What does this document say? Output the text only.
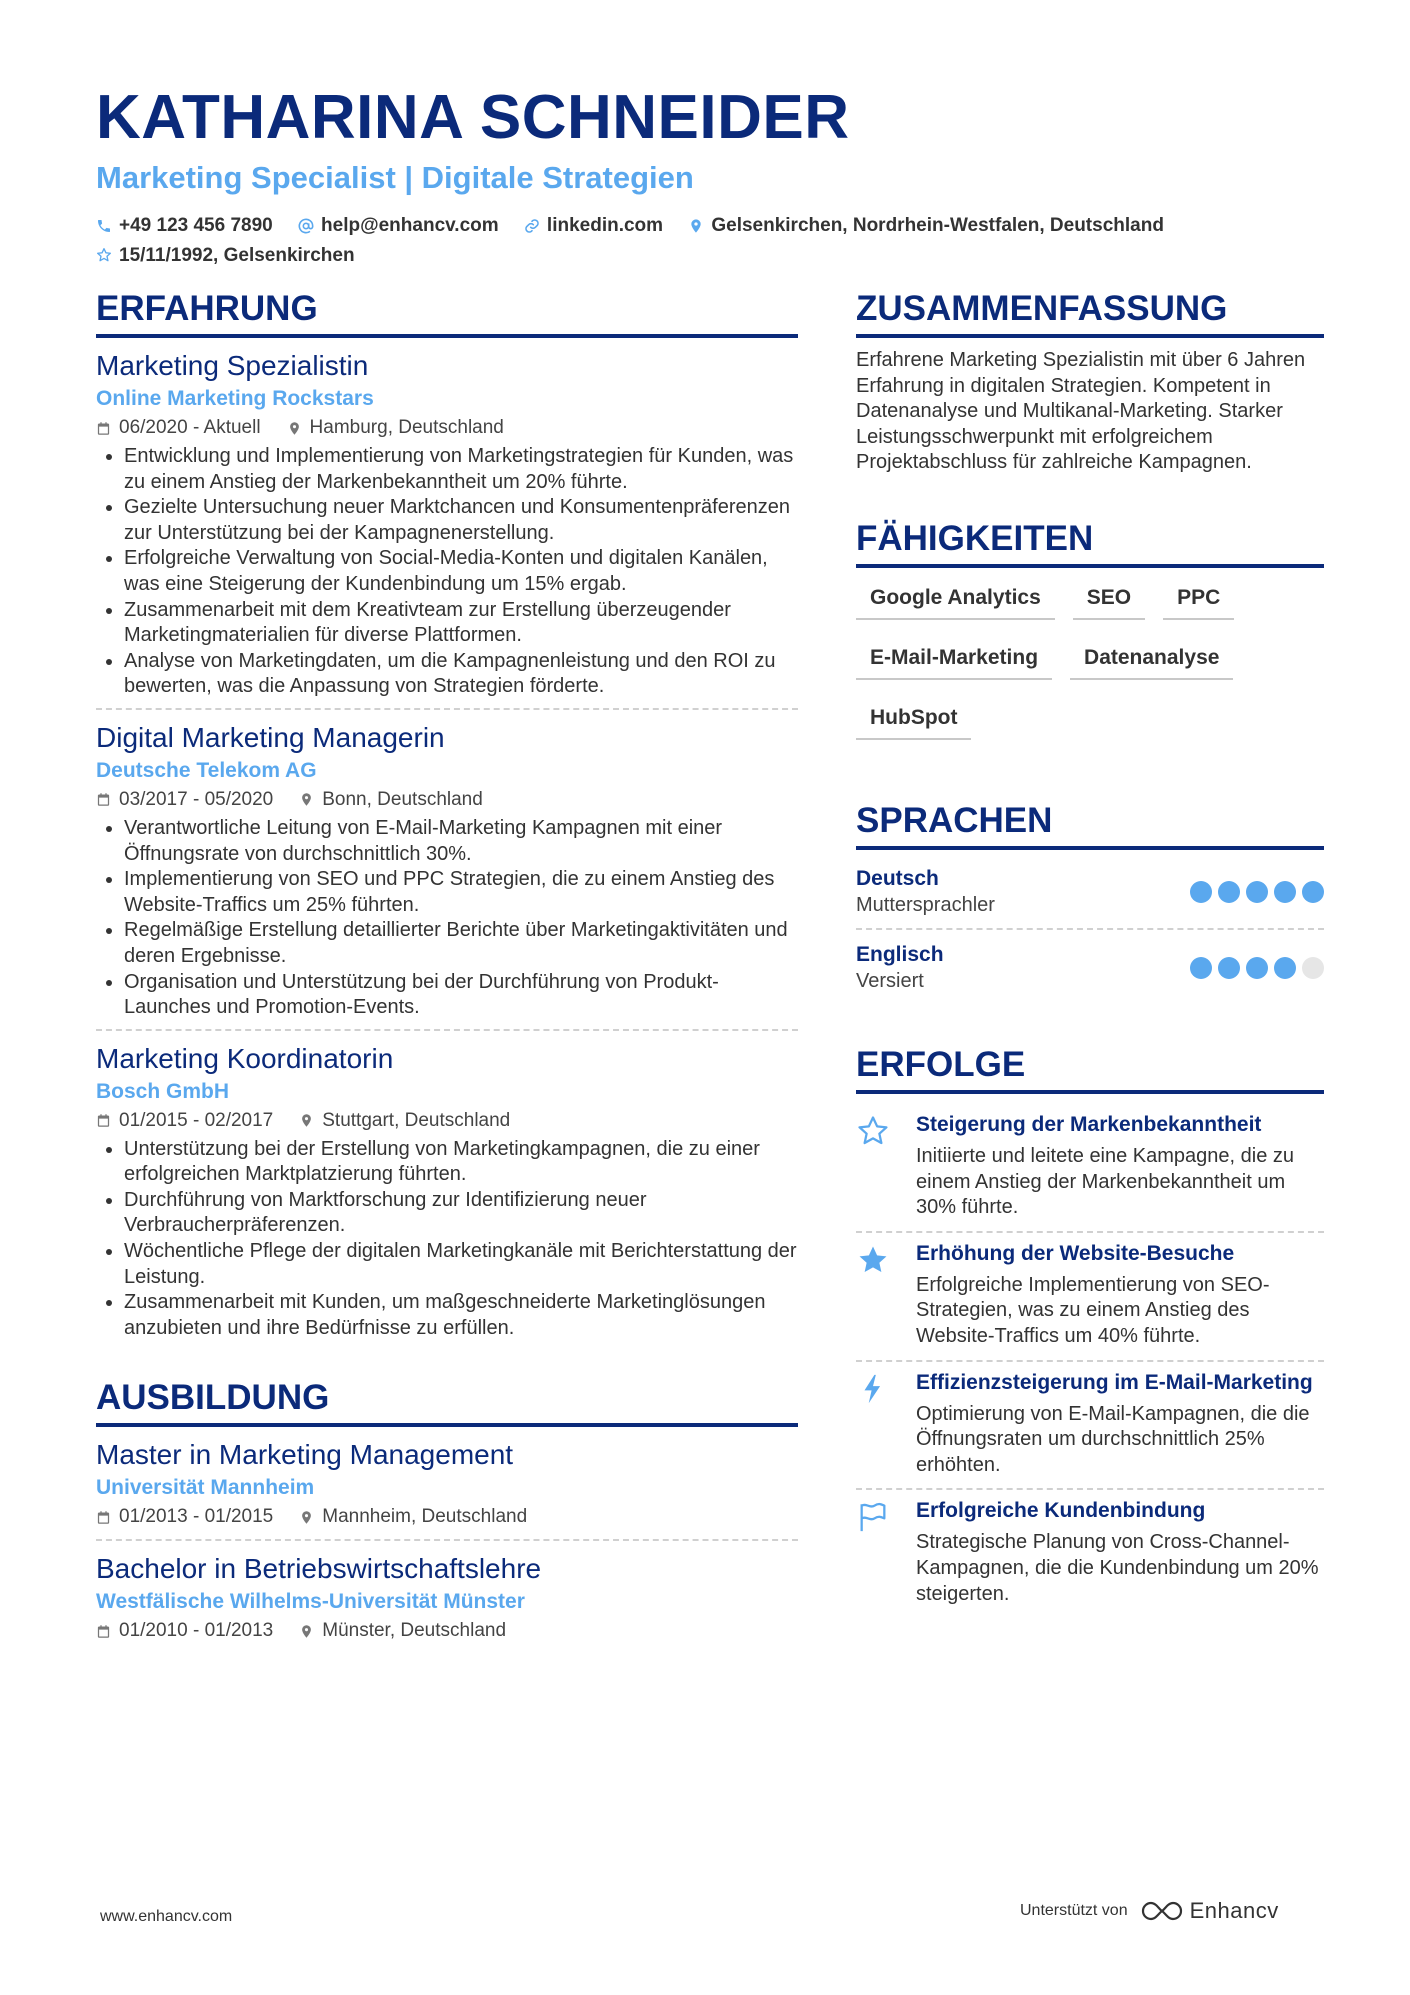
KATHARINA SCHNEIDER
Marketing Specialist | Digitale Strategien
+49 123 456 7890
	help@enhancv.com
	linkedin.com
	Gelsenkirchen, Nordrhein-Westfalen, Deutschland

15/11/1992, Gelsenkirchen
ERFAHRUNG
Marketing Spezialistin
Online Marketing Rockstars
06/2020 - Aktuell	Hamburg, Deutschland
• Entwicklung und Implementierung von Marketingstrategien für Kunden, was zu einem Anstieg der Markenbekanntheit um 20% führte.
• Gezielte Untersuchung neuer Marktchancen und Konsumentenpräferenzen zur Unterstützung bei der Kampagnenerstellung.
• Erfolgreiche Verwaltung von Social-Media-Konten und digitalen Kanälen, was eine Steigerung der Kundenbindung um 15% ergab.
• Zusammenarbeit mit dem Kreativteam zur Erstellung überzeugender Marketingmaterialien für diverse Plattformen.
• Analyse von Marketingdaten, um die Kampagnenleistung und den ROI zu bewerten, was die Anpassung von Strategien förderte.
Digital Marketing Managerin
Deutsche Telekom AG
03/2017 - 05/2020	Bonn, Deutschland
• Verantwortliche Leitung von E-Mail-Marketing Kampagnen mit einer Öffnungsrate von durchschnittlich 30%.
• Implementierung von SEO und PPC Strategien, die zu einem Anstieg des Website-Traffics um 25% führten.
• Regelmäßige Erstellung detaillierter Berichte über Marketingaktivitäten und deren Ergebnisse.
• Organisation und Unterstützung bei der Durchführung von Produkt-Launches und Promotion-Events.
Marketing Koordinatorin
Bosch GmbH
01/2015 - 02/2017	Stuttgart, Deutschland
• Unterstützung bei der Erstellung von Marketingkampagnen, die zu einer erfolgreichen Marktplatzierung führten.
• Durchführung von Marktforschung zur Identifizierung neuer Verbraucherpräferenzen.
• Wöchentliche Pflege der digitalen Marketingkanäle mit Berichterstattung der Leistung.
• Zusammenarbeit mit Kunden, um maßgeschneiderte Marketinglösungen anzubieten und ihre Bedürfnisse zu erfüllen.
AUSBILDUNG
Master in Marketing Management
Universität Mannheim
01/2013 - 01/2015	Mannheim, Deutschland
Bachelor in Betriebswirtschaftslehre
Westfälische Wilhelms-Universität Münster
01/2010 - 01/2013	Münster, Deutschland
ZUSAMMENFASSUNG
Erfahrene Marketing Spezialistin mit über 6 Jahren Erfahrung in digitalen Strategien. Kompetent in Datenanalyse und Multikanal-Marketing. Starker Leistungsschwerpunkt mit erfolgreichem Projektabschluss für zahlreiche Kampagnen.
FÄHIGKEITEN
Google Analytics	SEO	PPC
E-Mail-Marketing	Datenanalyse
HubSpot
SPRACHEN
Deutsch
Muttersprachler
Englisch
Versiert
ERFOLGE
Steigerung der Markenbekanntheit
Initiierte und leitete eine Kampagne, die zu einem Anstieg der Markenbekanntheit um 30% führte.
Erhöhung der Website-Besuche
Erfolgreiche Implementierung von SEO-Strategien, was zu einem Anstieg des Website-Traffics um 40% führte.
Effizienzsteigerung im E-Mail-Marketing
Optimierung von E-Mail-Kampagnen, die die Öffnungsraten um durchschnittlich 25% erhöhten.
Erfolgreiche Kundenbindung
Strategische Planung von Cross-Channel-Kampagnen, die die Kundenbindung um 20% steigerten.
www.enhancv.com	Unterstützt von	Enhancv
